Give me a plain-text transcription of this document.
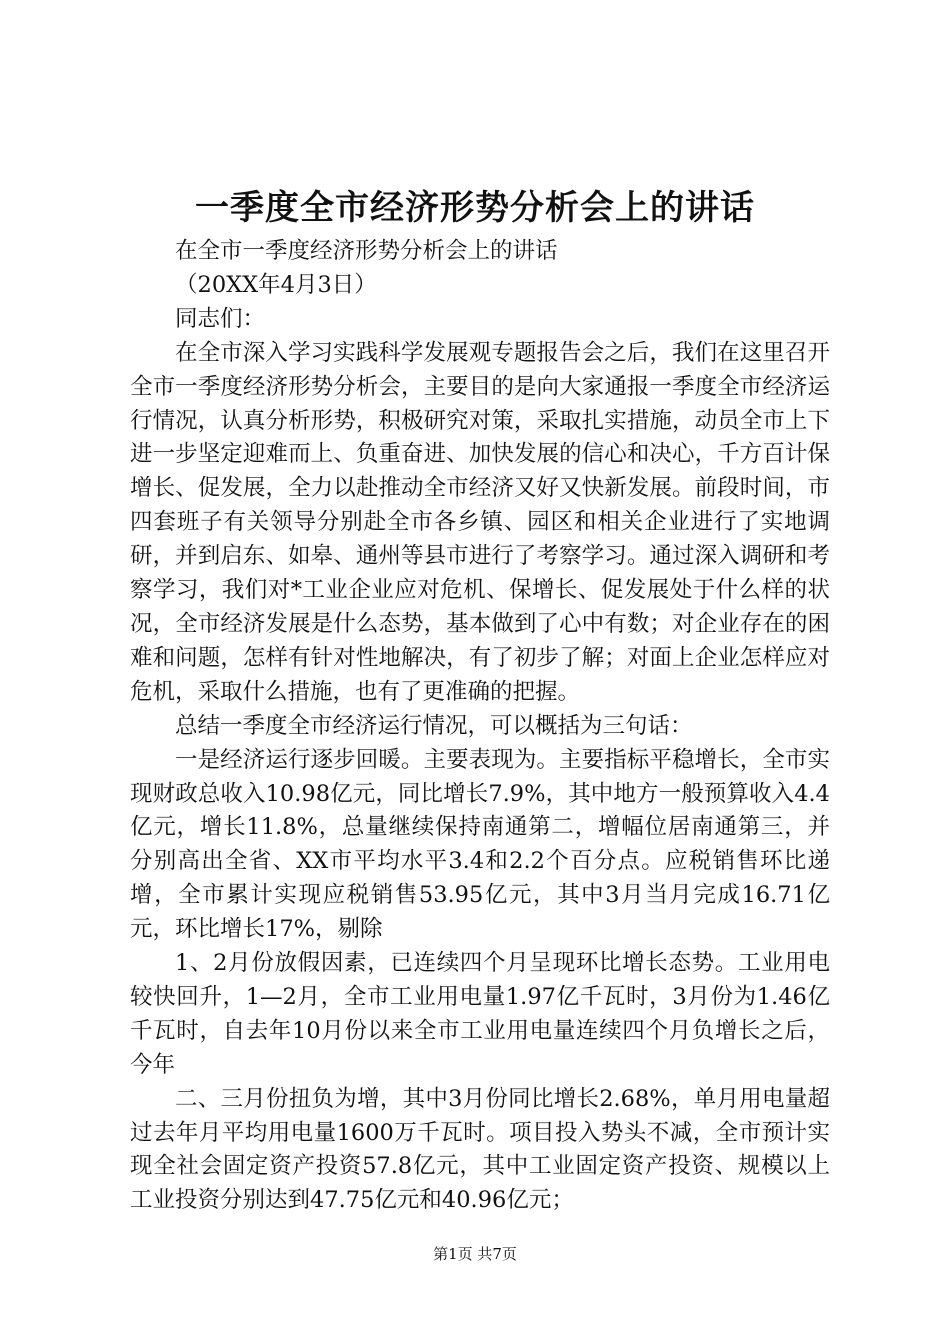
一季度全市经济形势分析会上的讲话

在全市一季度经济形势分析会上的讲话

（20XX年4月3日）

同志们：

在全市深入学习实践科学发展观专题报告会之后，我们在这里召开全市一季度经济形势分析会，主要目的是向大家通报一季度全市经济运行情况，认真分析形势，积极研究对策，采取扎实措施，动员全市上下进一步坚定迎难而上、负重奋进、加快发展的信心和决心，千方百计保增长、促发展，全力以赴推动全市经济又好又快新发展。前段时间，市四套班子有关领导分别赴全市各乡镇、园区和相关企业进行了实地调研，并到启东、如皋、通州等县市进行了考察学习。通过深入调研和考察学习，我们对*工业企业应对危机、保增长、促发展处于什么样的状况，全市经济发展是什么态势，基本做到了心中有数；对企业存在的困难和问题，怎样有针对性地解决，有了初步了解；对面上企业怎样应对危机，采取什么措施，也有了更准确的把握。

总结一季度全市经济运行情况，可以概括为三句话：

一是经济运行逐步回暖。主要表现为。主要指标平稳增长，全市实现财政总收入10.98亿元，同比增长7.9%，其中地方一般预算收入4.4亿元，增长11.8%，总量继续保持南通第二，增幅位居南通第三，并分别高出全省、XX市平均水平3.4和2.2个百分点。应税销售环比递增，全市累计实现应税销售53.95亿元，其中3月当月完成16.71亿元，环比增长17%，剔除

1、2月份放假因素，已连续四个月呈现环比增长态势。工业用电较快回升，1—2月，全市工业用电量1.97亿千瓦时，3月份为1.46亿千瓦时，自去年10月份以来全市工业用电量连续四个月负增长之后，今年

二、三月份扭负为增，其中3月份同比增长2.68%，单月用电量超过去年月平均用电量1600万千瓦时。项目投入势头不减，全市预计实现全社会固定资产投资57.8亿元，其中工业固定资产投资、规模以上工业投资分别达到47.75亿元和40.96亿元；

第1页 共7页
